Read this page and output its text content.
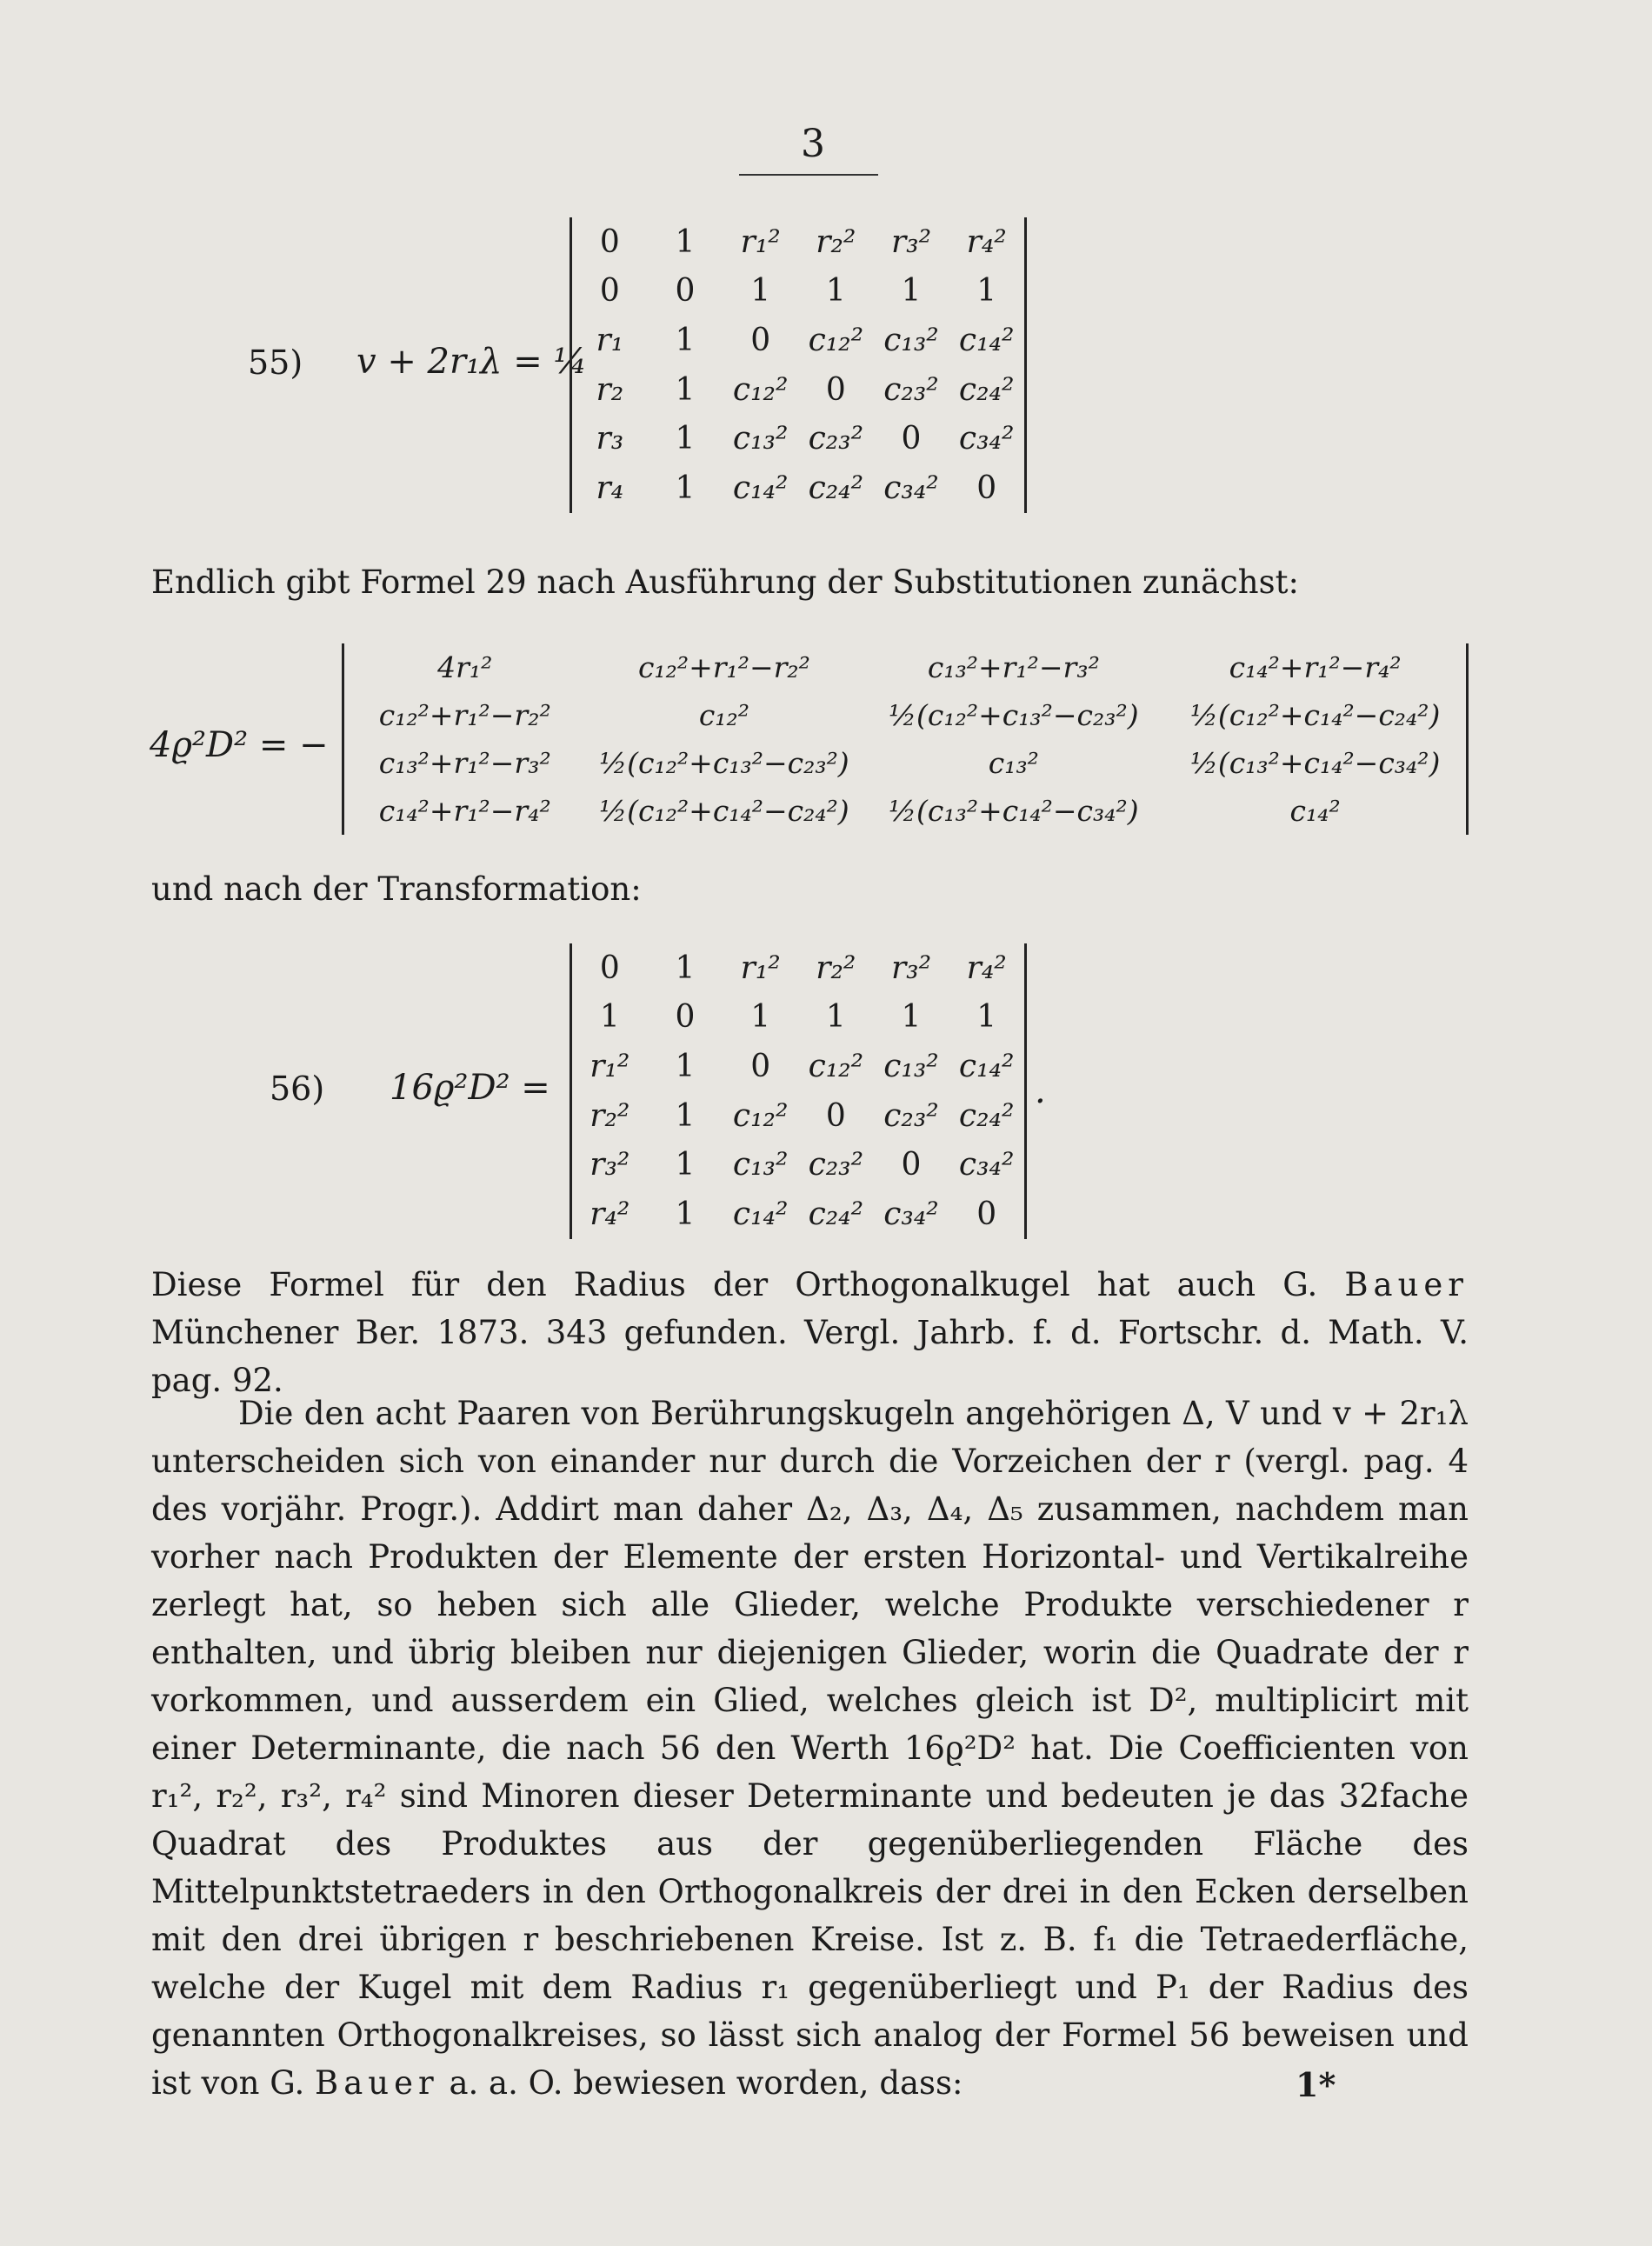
3
55) v + 2r₁λ = ¼
0 1 r₁² r₂² r₃² r₄²
0 0 1 1 1 1
r₁ 1 0 c₁₂² c₁₃² c₁₄²
r₂ 1 c₁₂² 0 c₂₃² c₂₄²
r₃ 1 c₁₃² c₂₃² 0 c₃₄²
r₄ 1 c₁₄² c₂₄² c₃₄² 0
Endlich gibt Formel 29 nach Ausführung der Substitutionen zunächst:
4ϱ²D² = −
4r₁²	c₁₂²+r₁²−r₂²	c₁₃²+r₁²−r₃²	c₁₄²+r₁²−r₄²
c₁₂²+r₁²−r₂²	c₁₂²	½(c₁₂²+c₁₃²−c₂₃²) ½(c₁₂²+c₁₄²−c₂₄²)
c₁₃²+r₁²−r₃² ½(c₁₂²+c₁₃²−c₂₃²)	c₁₃²	½(c₁₃²+c₁₄²−c₃₄²)
c₁₄²+r₁²−r₄² ½(c₁₂²+c₁₄²−c₂₄²) ½(c₁₃²+c₁₄²−c₃₄²)	c₁₄²
und nach der Transformation:
56) 16ϱ²D² =
0 1 r₁² r₂² r₃² r₄²
1 0 1 1 1 1
r₁² 1 0 c₁₂² c₁₃² c₁₄²
r₂² 1 c₁₂² 0 c₂₃² c₂₄²
r₃² 1 c₁₃² c₂₃² 0 c₃₄²
r₄² 1 c₁₄² c₂₄² c₃₄² 0
.
Diese Formel für den Radius der Orthogonalkugel hat auch G. Bauer Münchener Ber. 1873. 343 gefunden. Vergl. Jahrb. f. d. Fortschr. d. Math. V. pag. 92.
Die den acht Paaren von Berührungskugeln angehörigen Δ, V und v + 2r₁λ unterscheiden sich von einander nur durch die Vorzeichen der r (vergl. pag. 4 des vorjähr. Progr.). Addirt man daher Δ₂, Δ₃, Δ₄, Δ₅ zusammen, nachdem man vorher nach Produkten der Elemente der ersten Horizontal- und Vertikalreihe zerlegt hat, so heben sich alle Glieder, welche Produkte verschiedener r enthalten, und übrig bleiben nur diejenigen Glieder, worin die Quadrate der r vorkommen, und ausserdem ein Glied, welches gleich ist D², multiplicirt mit einer Determinante, die nach 56 den Werth 16ϱ²D² hat. Die Coefficienten von r₁², r₂², r₃², r₄² sind Minoren dieser Determinante und bedeuten je das 32fache Quadrat des Produktes aus der gegenüberliegenden Fläche des Mittelpunktstetraeders in den Orthogonalkreis der drei in den Ecken derselben mit den drei übrigen r beschriebenen Kreise. Ist z. B. f₁ die Tetraederfläche, welche der Kugel mit dem Radius r₁ gegenüberliegt und P₁ der Radius des genannten Orthogonalkreises, so lässt sich analog der Formel 56 beweisen und ist von G. Bauer a. a. O. bewiesen worden, dass:	1*
